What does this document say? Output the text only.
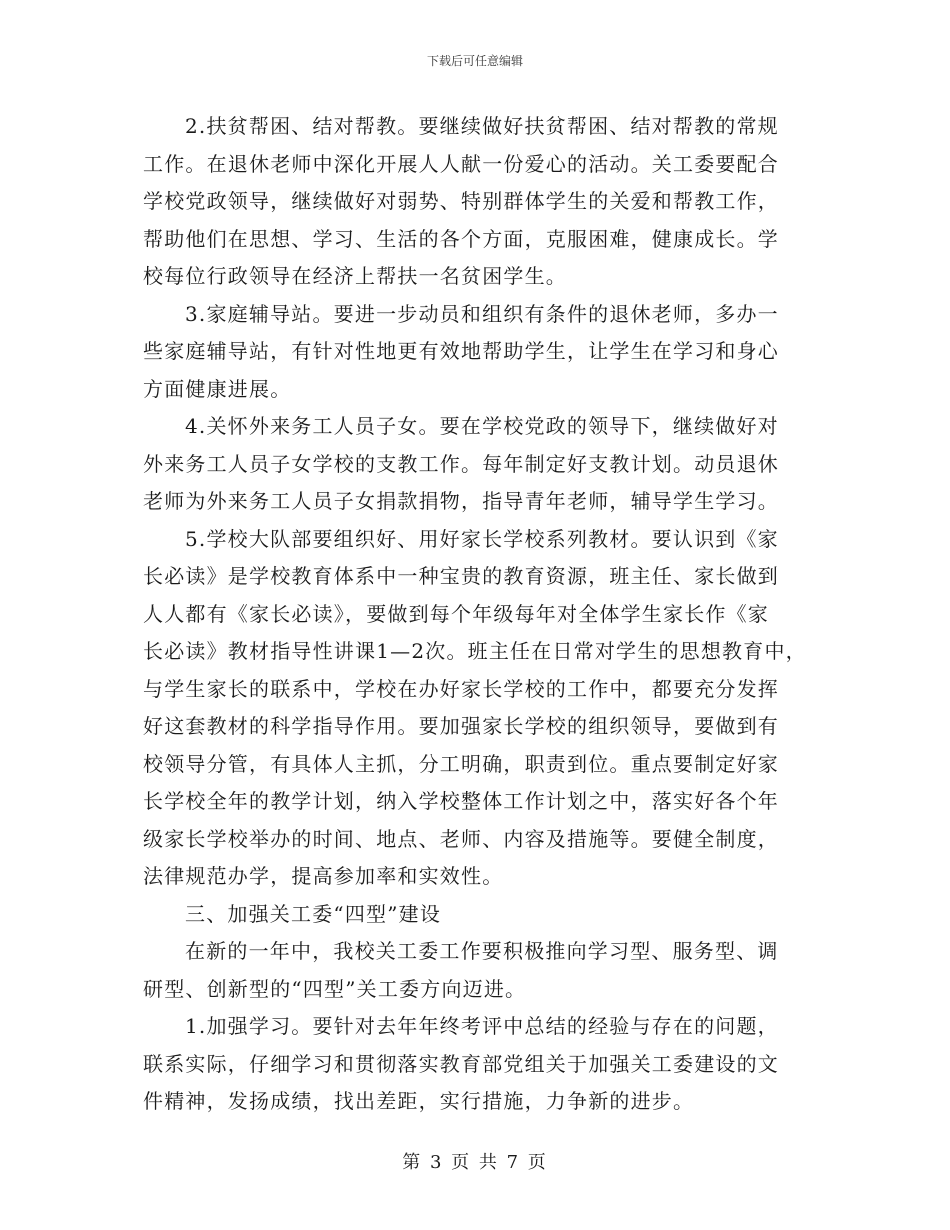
下载后可任意编辑

2.扶贫帮困、结对帮教。要继续做好扶贫帮困、结对帮教的常规
工作。在退休老师中深化开展人人献一份爱心的活动。关工委要配合
学校党政领导，继续做好对弱势、特别群体学生的关爱和帮教工作，
帮助他们在思想、学习、生活的各个方面，克服困难，健康成长。学
校每位行政领导在经济上帮扶一名贫困学生。

3.家庭辅导站。要进一步动员和组织有条件的退休老师，多办一
些家庭辅导站，有针对性地更有效地帮助学生，让学生在学习和身心
方面健康进展。

4.关怀外来务工人员子女。要在学校党政的领导下，继续做好对
外来务工人员子女学校的支教工作。每年制定好支教计划。动员退休
老师为外来务工人员子女捐款捐物，指导青年老师，辅导学生学习。

5.学校大队部要组织好、用好家长学校系列教材。要认识到《家
长必读》是学校教育体系中一种宝贵的教育资源，班主任、家长做到
人人都有《家长必读》，要做到每个年级每年对全体学生家长作《家
长必读》教材指导性讲课1—2次。班主任在日常对学生的思想教育中，
与学生家长的联系中，学校在办好家长学校的工作中，都要充分发挥
好这套教材的科学指导作用。要加强家长学校的组织领导，要做到有
校领导分管，有具体人主抓，分工明确，职责到位。重点要制定好家
长学校全年的教学计划，纳入学校整体工作计划之中，落实好各个年
级家长学校举办的时间、地点、老师、内容及措施等。要健全制度，
法律规范办学，提高参加率和实效性。

三、加强关工委“四型”建设

在新的一年中，我校关工委工作要积极推向学习型、服务型、调
研型、创新型的“四型”关工委方向迈进。

1.加强学习。要针对去年年终考评中总结的经验与存在的问题，
联系实际，仔细学习和贯彻落实教育部党组关于加强关工委建设的文
件精神，发扬成绩，找出差距，实行措施，力争新的进步。

第 3 页 共 7 页
